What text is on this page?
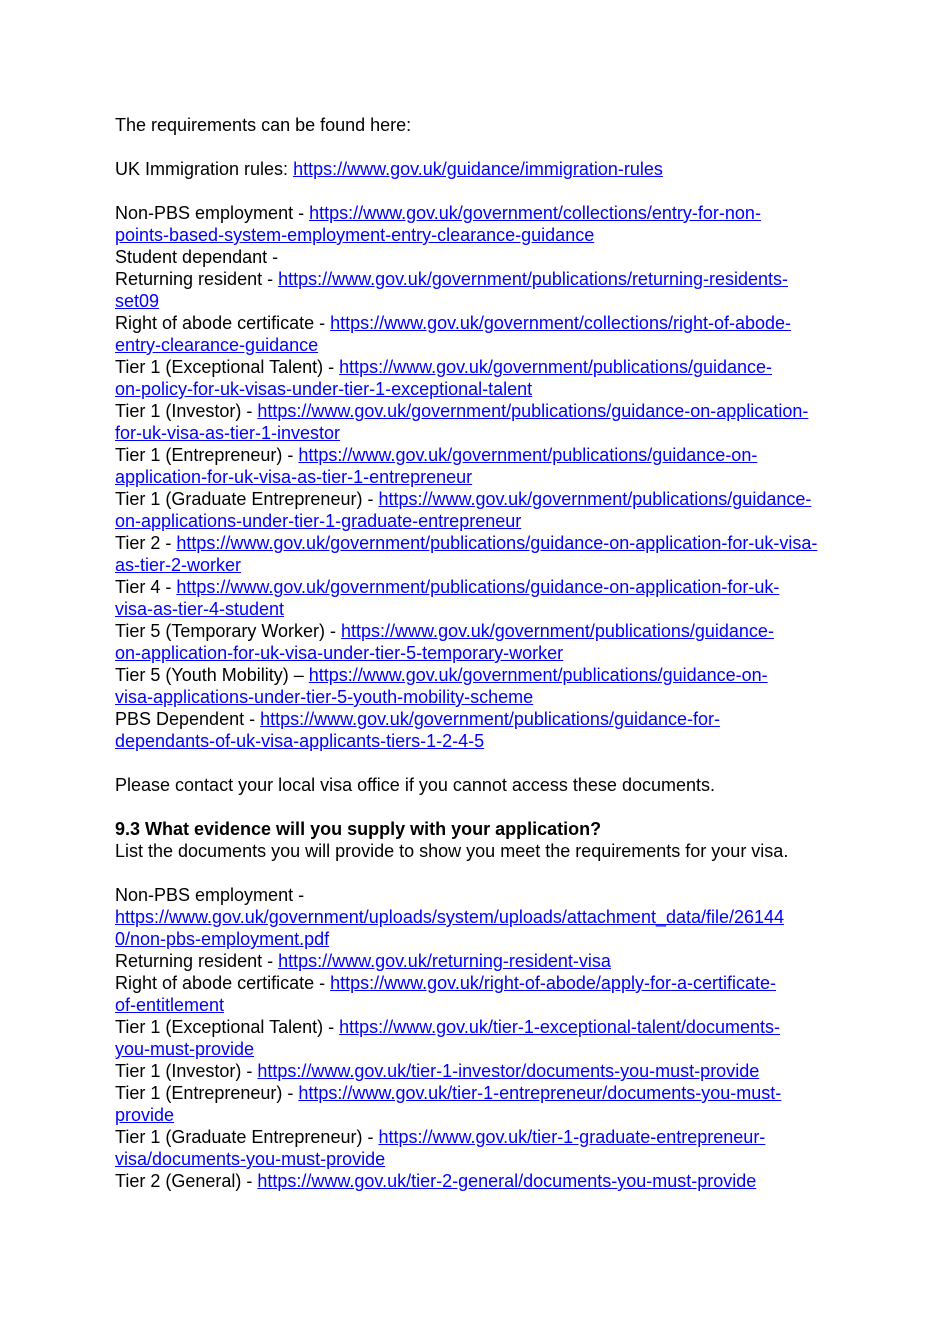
The requirements can be found here:
UK Immigration rules: https://www.gov.uk/guidance/immigration-rules
Non-PBS employment - https://www.gov.uk/government/collections/entry-for-non-
points-based-system-employment-entry-clearance-guidance
Student dependant -
Returning resident - https://www.gov.uk/government/publications/returning-residents-
set09
Right of abode certificate - https://www.gov.uk/government/collections/right-of-abode-
entry-clearance-guidance
Tier 1 (Exceptional Talent) - https://www.gov.uk/government/publications/guidance-
on-policy-for-uk-visas-under-tier-1-exceptional-talent
Tier 1 (Investor) - https://www.gov.uk/government/publications/guidance-on-application-
for-uk-visa-as-tier-1-investor
Tier 1 (Entrepreneur) - https://www.gov.uk/government/publications/guidance-on-
application-for-uk-visa-as-tier-1-entrepreneur
Tier 1 (Graduate Entrepreneur) - https://www.gov.uk/government/publications/guidance-
on-applications-under-tier-1-graduate-entrepreneur
Tier 2 - https://www.gov.uk/government/publications/guidance-on-application-for-uk-visa-
as-tier-2-worker
Tier 4 - https://www.gov.uk/government/publications/guidance-on-application-for-uk-
visa-as-tier-4-student
Tier 5 (Temporary Worker) - https://www.gov.uk/government/publications/guidance-
on-application-for-uk-visa-under-tier-5-temporary-worker
Tier 5 (Youth Mobility) – https://www.gov.uk/government/publications/guidance-on-
visa-applications-under-tier-5-youth-mobility-scheme
PBS Dependent - https://www.gov.uk/government/publications/guidance-for-
dependants-of-uk-visa-applicants-tiers-1-2-4-5
Please contact your local visa office if you cannot access these documents.
9.3 What evidence will you supply with your application?
List the documents you will provide to show you meet the requirements for your visa.
Non-PBS employment -
https://www.gov.uk/government/uploads/system/uploads/attachment_data/file/26144
0/non-pbs-employment.pdf
Returning resident - https://www.gov.uk/returning-resident-visa
Right of abode certificate - https://www.gov.uk/right-of-abode/apply-for-a-certificate-
of-entitlement
Tier 1 (Exceptional Talent) - https://www.gov.uk/tier-1-exceptional-talent/documents-
you-must-provide
Tier 1 (Investor) - https://www.gov.uk/tier-1-investor/documents-you-must-provide
Tier 1 (Entrepreneur) - https://www.gov.uk/tier-1-entrepreneur/documents-you-must-
provide
Tier 1 (Graduate Entrepreneur) - https://www.gov.uk/tier-1-graduate-entrepreneur-
visa/documents-you-must-provide
Tier 2 (General) - https://www.gov.uk/tier-2-general/documents-you-must-provide
